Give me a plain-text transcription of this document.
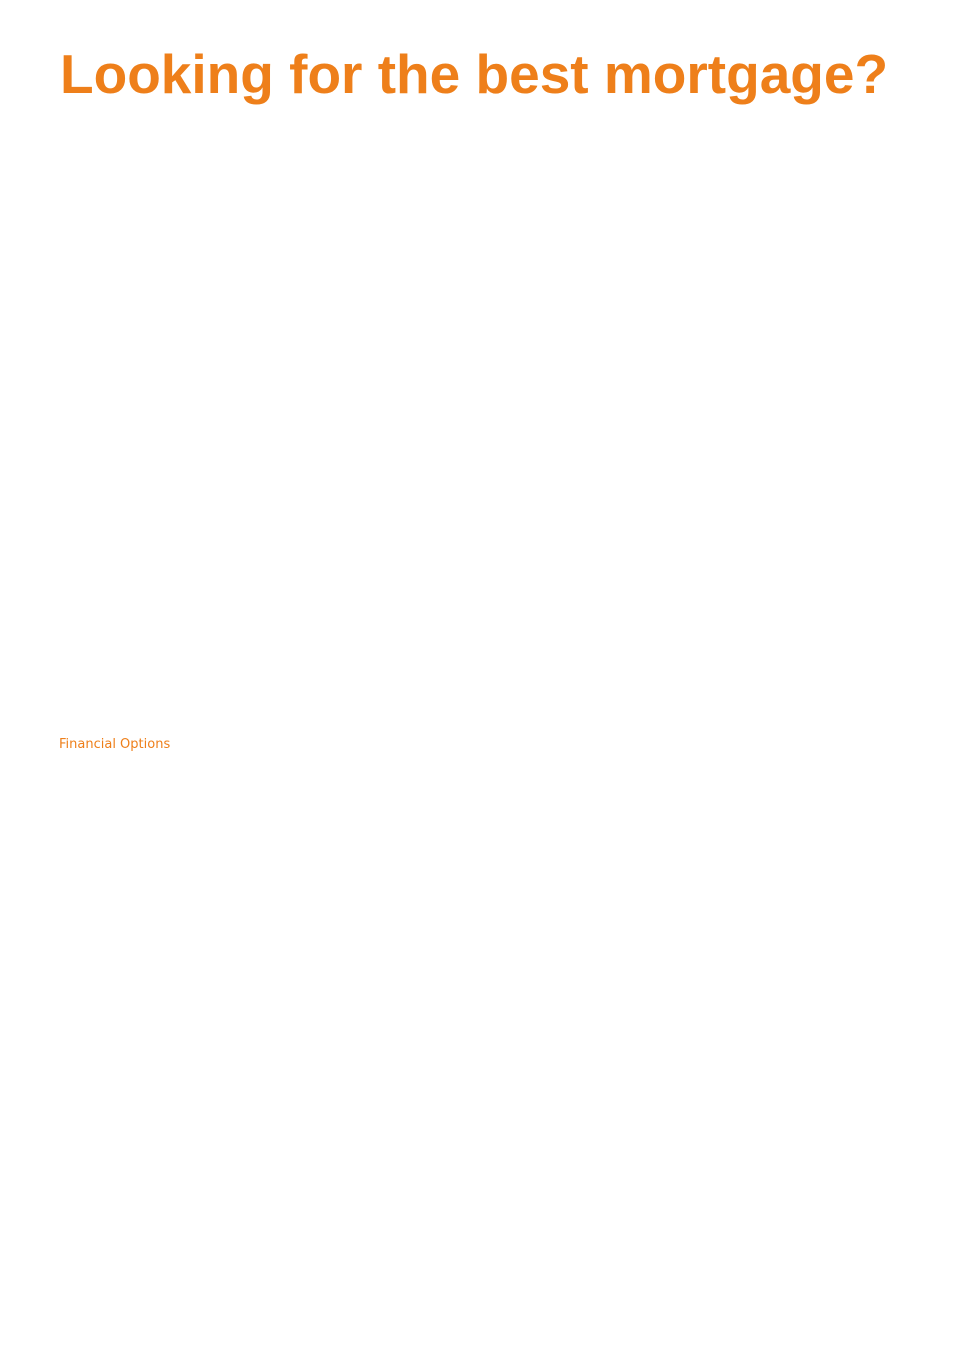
Looking for the best mortgage?

Financial Options
